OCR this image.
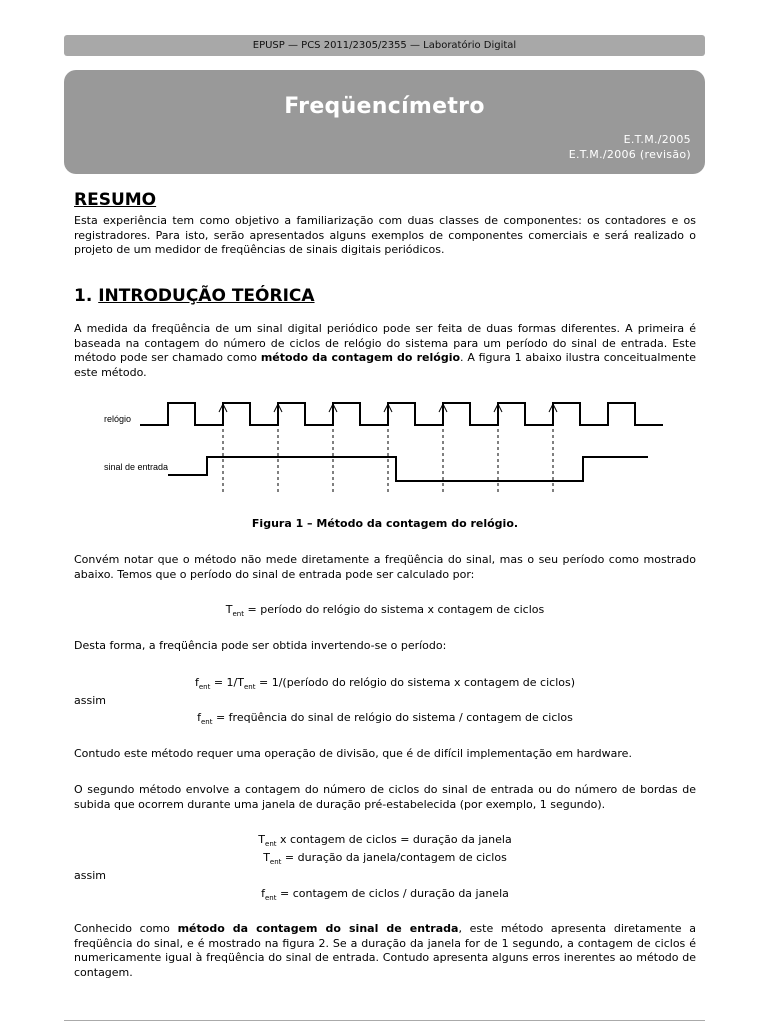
EPUSP — PCS 2011/2305/2355 — Laboratório Digital
Freqüencímetro
E.T.M./2005
E.T.M./2006 (revisão)
RESUMO

Esta experiência tem como objetivo a familiarização com duas classes de componentes: os contadores e os registradores. Para isto, serão apresentados alguns exemplos de componentes comerciais e será realizado o projeto de um medidor de freqüências de sinais digitais periódicos.

1. INTRODUÇÃO TEÓRICA

A medida da freqüência de um sinal digital periódico pode ser feita de duas formas diferentes. A primeira é baseada na contagem do número de ciclos de relógio do sistema para um período do sinal de entrada. Este método pode ser chamado como método da contagem do relógio. A figura 1 abaixo ilustra conceitualmente este método.

relógio
sinal de entrada

Figura 1 – Método da contagem do relógio.

Convém notar que o método não mede diretamente a freqüência do sinal, mas o seu período como mostrado abaixo. Temos que o período do sinal de entrada pode ser calculado por:

$T_{ent}$ = período do relógio do sistema x contagem de ciclos

Desta forma, a freqüência pode ser obtida invertendo-se o período:

$f_{ent} = 1/T_{ent}$ = 1/(período do relógio do sistema x contagem de ciclos)

assim

$f_{ent}$ = freqüência do sinal de relógio do sistema / contagem de ciclos

Contudo este método requer uma operação de divisão, que é de difícil implementação em hardware.

O segundo método envolve a contagem do número de ciclos do sinal de entrada ou do número de bordas de subida que ocorrem durante uma janela de duração pré-estabelecida (por exemplo, 1 segundo).

$T_{ent}$ x contagem de ciclos = duração da janela

$T_{ent}$ = duração da janela/contagem de ciclos

assim

$f_{ent}$ = contagem de ciclos / duração da janela

Conhecido como método da contagem do sinal de entrada, este método apresenta diretamente a freqüência do sinal, e é mostrado na figura 2. Se a duração da janela for de 1 segundo, a contagem de ciclos é numericamente igual à freqüência do sinal de entrada. Contudo apresenta alguns erros inerentes ao método de contagem.
